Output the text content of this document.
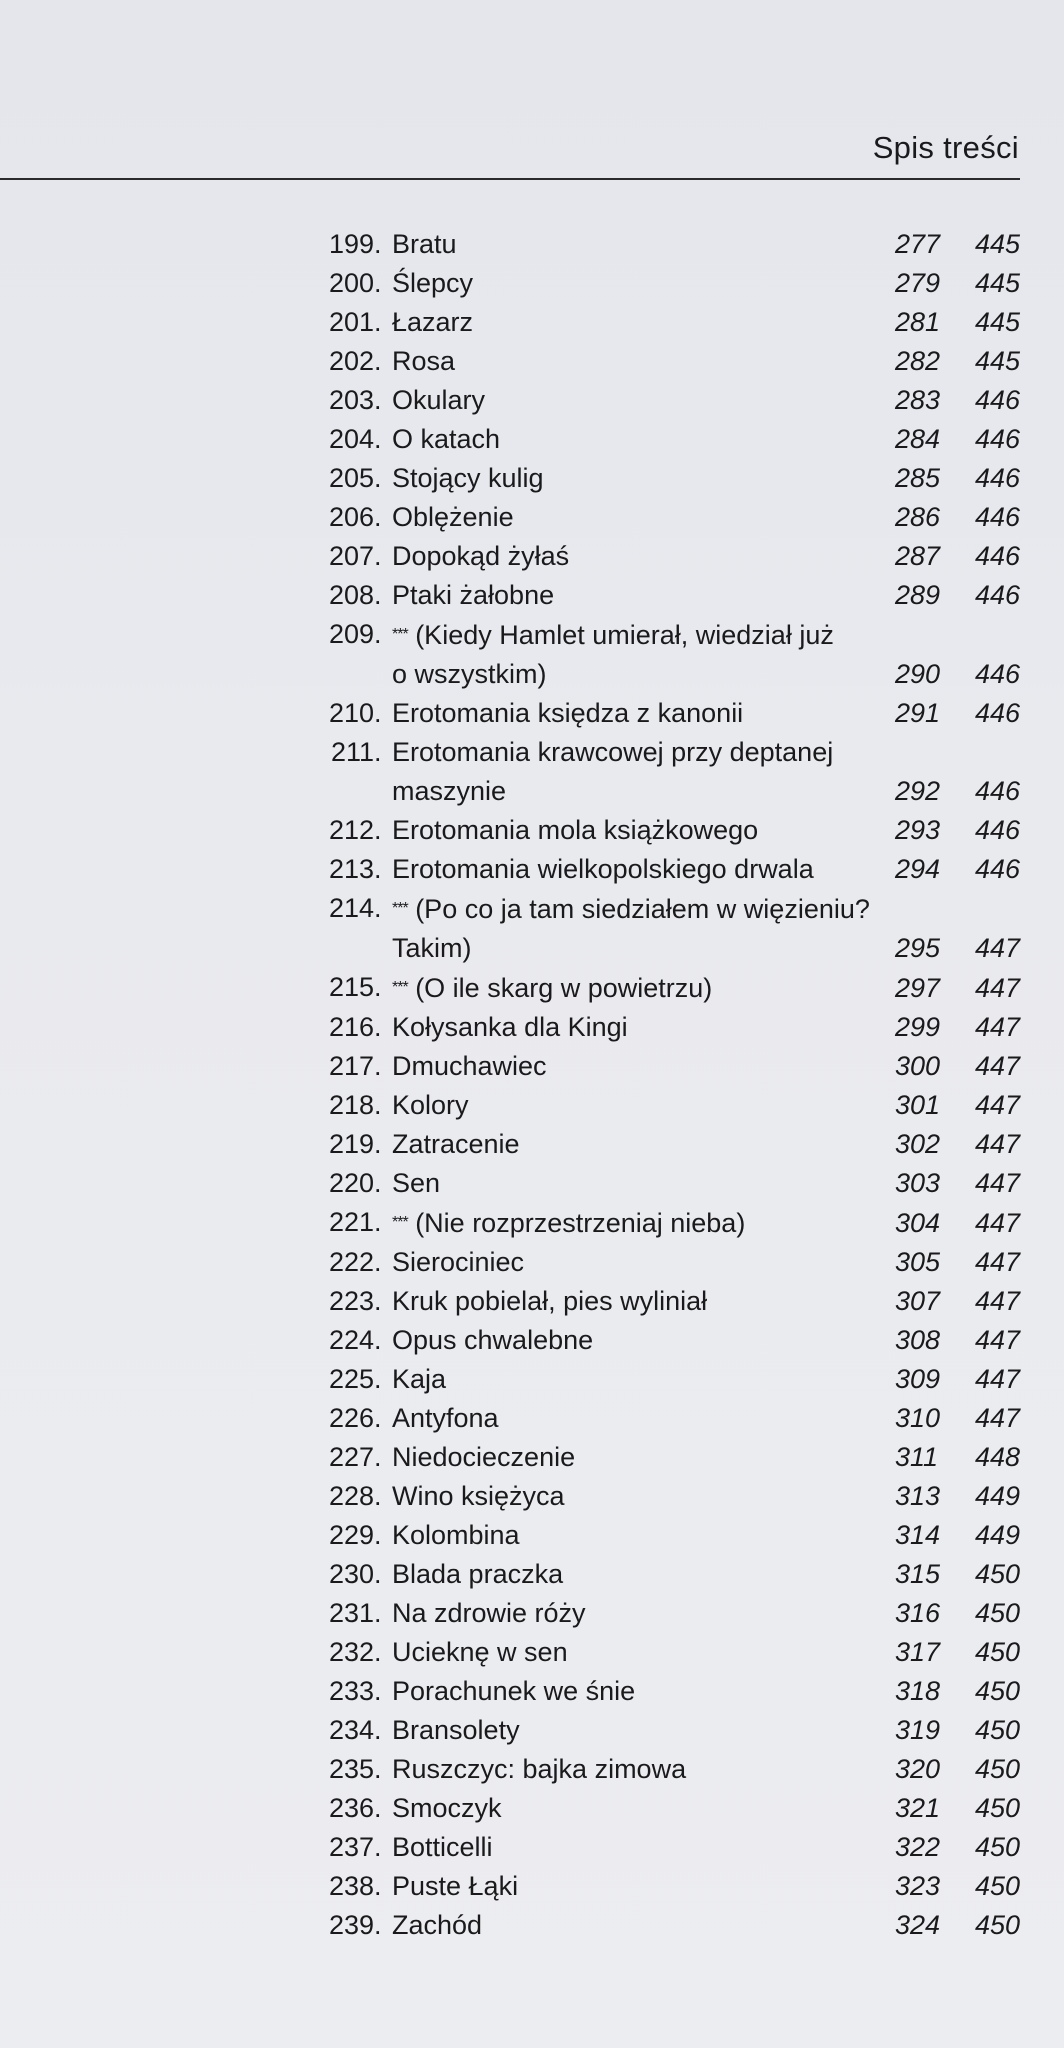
Spis treści
199 . Bratu	277 445
200 . Ślepcy	279 445
201 . Łazarz	281 445
202 . Rosa	282 445
203 . Okulary	283 446
204 . O katach	284 446
205 . Stojący kulig	285 446
206 . Oblężenie	286 446
207 . Dopokąd żyłaś	287 446
208 . Ptaki żałobne	289 446
209 . *** (Kiedy Hamlet umierał, wiedział już
o wszystkim)	290 446
210 . Erotomania księdza z kanonii	291 446
211 . Erotomania krawcowej przy deptanej
maszynie	292 446
212 . Erotomania mola książkowego	293 446
213 . Erotomania wielkopolskiego drwala	294 446
214 . *** (Po co ja tam siedziałem w więzieniu?
Takim)	295 447
215 . *** (O ile skarg w powietrzu)	297 447
216 . Kołysanka dla Kingi	299 447
217 . Dmuchawiec	300 447
218 . Kolory	301 447
219 . Zatracenie	302 447
220 . Sen	303 447
221 . *** (Nie rozprzestrzeniaj nieba)	304 447
222 . Sierociniec	305 447
223 . Kruk pobielał, pies wyliniał	307 447
224 . Opus chwalebne	308 447
225 . Kaja	309 447
226 . Antyfona	310 447
227 . Niedocieczenie	311 448
228 . Wino księżyca	313 449
229 . Kolombina	314 449
230 . Blada praczka	315 450
231 . Na zdrowie róży	316 450
232 . Ucieknę w sen	317 450
233 . Porachunek we śnie	318 450
234 . Bransolety	319 450
235 . Ruszczyc: bajka zimowa	320 450
236 . Smoczyk	321 450
237 . Botticelli	322 450
238 . Puste Łąki	323 450
239 . Zachód	324 450
